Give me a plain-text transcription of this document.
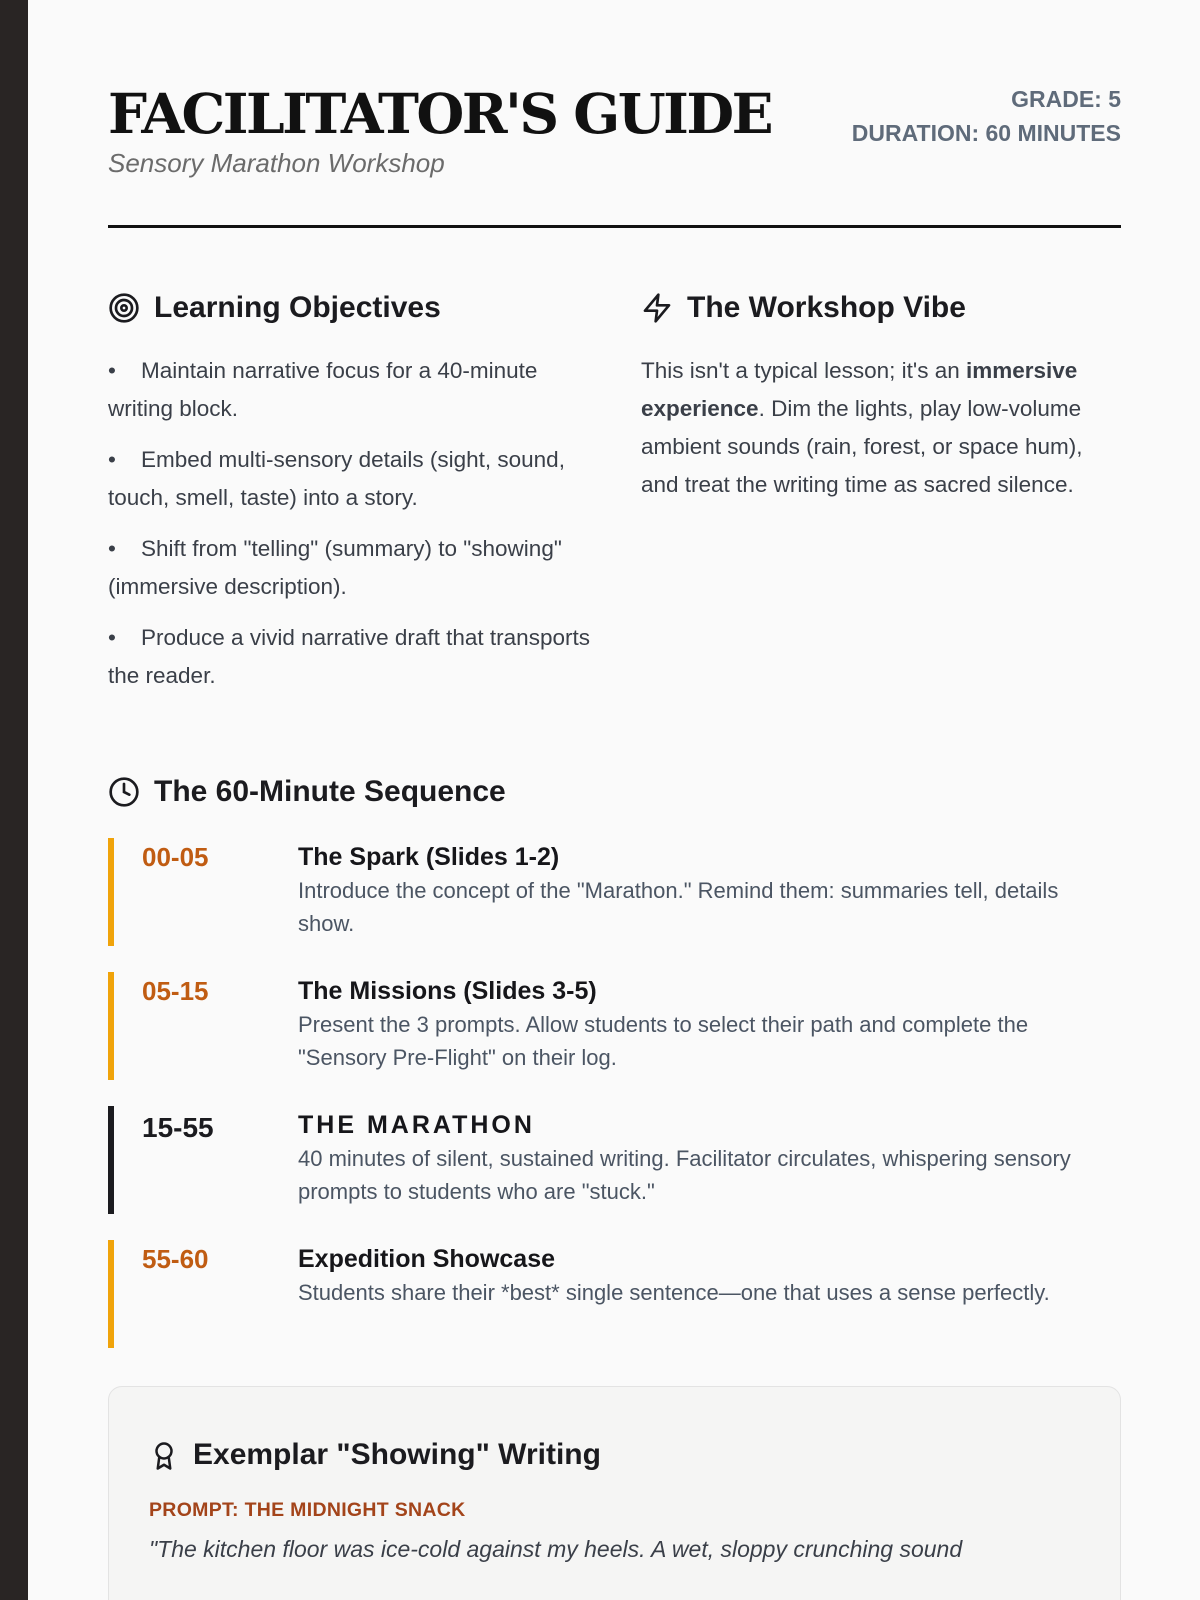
FACILITATOR'S GUIDE
Sensory Marathon Workshop
GRADE: 5
DURATION: 60 MINUTES
Learning Objectives
• Maintain narrative focus for a 40-minute writing block.
• Embed multi-sensory details (sight, sound, touch, smell, taste) into a story.
• Shift from "telling" (summary) to "showing" (immersive description).
• Produce a vivid narrative draft that transports the reader.
The Workshop Vibe

This isn't a typical lesson; it's an immersive experience. Dim the lights, play low-volume ambient sounds (rain, forest, or space hum), and treat the writing time as sacred silence.

The 60-Minute Sequence
00-05	The Spark (Slides 1-2)
Introduce the concept of the "Marathon." Remind them: summaries tell, details show.
05-15	The Missions (Slides 3-5)
Present the 3 prompts. Allow students to select their path and complete the "Sensory Pre-Flight" on their log.
15-55	THE MARATHON
40 minutes of silent, sustained writing. Facilitator circulates, whispering sensory prompts to students who are "stuck."
55-60	Expedition Showcase
Students share their *best* single sentence—one that uses a sense perfectly.
Exemplar "Showing" Writing
PROMPT: THE MIDNIGHT SNACK
"The kitchen floor was ice-cold against my heels. A wet, sloppy crunching sound
